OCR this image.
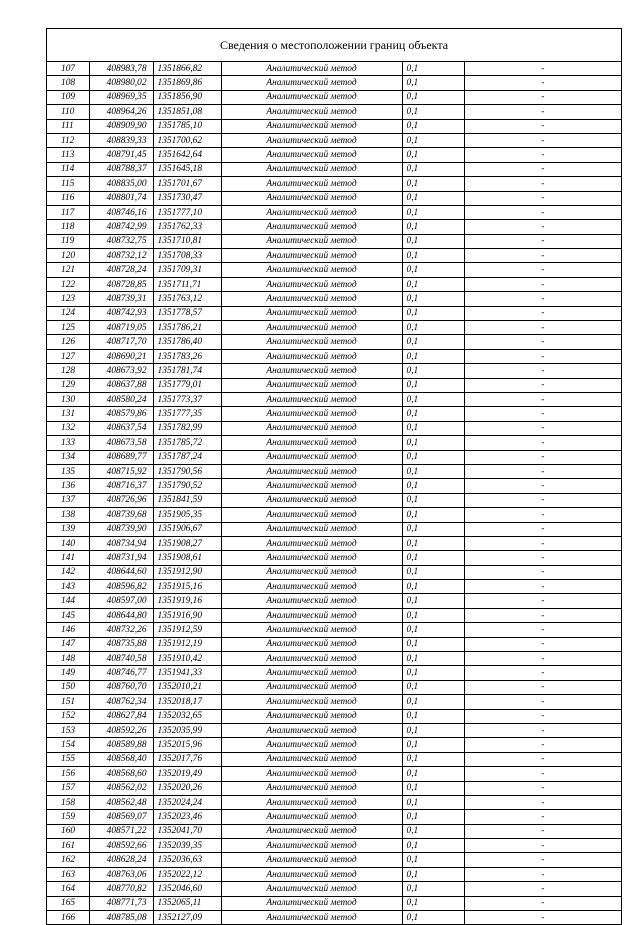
Сведения о местоположении границ объекта
107	408983,78	1351866,82	Аналитический метод	0,1	-
108	408980,02	1351869,86	Аналитический метод	0,1	-
109	408969,35	1351856,90	Аналитический метод	0,1	-
110	408964,26	1351851,08	Аналитический метод	0,1	-
111	408909,90	1351785,10	Аналитический метод	0,1	-
112	408839,33	1351700,62	Аналитический метод	0,1	-
113	408791,45	1351642,64	Аналитический метод	0,1	-
114	408788,37	1351645,18	Аналитический метод	0,1	-
115	408835,00	1351701,67	Аналитический метод	0,1	-
116	408801,74	1351730,47	Аналитический метод	0,1	-
117	408746,16	1351777,10	Аналитический метод	0,1	-
118	408742,99	1351762,33	Аналитический метод	0,1	-
119	408732,75	1351710,81	Аналитический метод	0,1	-
120	408732,12	1351708,33	Аналитический метод	0,1	-
121	408728,24	1351709,31	Аналитический метод	0,1	-
122	408728,85	1351711,71	Аналитический метод	0,1	-
123	408739,31	1351763,12	Аналитический метод	0,1	-
124	408742,93	1351778,57	Аналитический метод	0,1	-
125	408719,05	1351786,21	Аналитический метод	0,1	-
126	408717,70	1351786,40	Аналитический метод	0,1	-
127	408690,21	1351783,26	Аналитический метод	0,1	-
128	408673,92	1351781,74	Аналитический метод	0,1	-
129	408637,88	1351779,01	Аналитический метод	0,1	-
130	408580,24	1351773,37	Аналитический метод	0,1	-
131	408579,86	1351777,35	Аналитический метод	0,1	-
132	408637,54	1351782,99	Аналитический метод	0,1	-
133	408673,58	1351785,72	Аналитический метод	0,1	-
134	408689,77	1351787,24	Аналитический метод	0,1	-
135	408715,92	1351790,56	Аналитический метод	0,1	-
136	408716,37	1351790,52	Аналитический метод	0,1	-
137	408726,96	1351841,59	Аналитический метод	0,1	-
138	408739,68	1351905,35	Аналитический метод	0,1	-
139	408739,90	1351906,67	Аналитический метод	0,1	-
140	408734,94	1351908,27	Аналитический метод	0,1	-
141	408731,94	1351908,61	Аналитический метод	0,1	-
142	408644,60	1351912,90	Аналитический метод	0,1	-
143	408596,82	1351915,16	Аналитический метод	0,1	-
144	408597,00	1351919,16	Аналитический метод	0,1	-
145	408644,80	1351916,90	Аналитический метод	0,1	-
146	408732,26	1351912,59	Аналитический метод	0,1	-
147	408735,88	1351912,19	Аналитический метод	0,1	-
148	408740,58	1351910,42	Аналитический метод	0,1	-
149	408746,77	1351941,33	Аналитический метод	0,1	-
150	408760,70	1352010,21	Аналитический метод	0,1	-
151	408762,34	1352018,17	Аналитический метод	0,1	-
152	408627,84	1352032,65	Аналитический метод	0,1	-
153	408592,26	1352035,99	Аналитический метод	0,1	-
154	408589,88	1352015,96	Аналитический метод	0,1	-
155	408568,40	1352017,76	Аналитический метод	0,1	-
156	408568,60	1352019,49	Аналитический метод	0,1	-
157	408562,02	1352020,26	Аналитический метод	0,1	-
158	408562,48	1352024,24	Аналитический метод	0,1	-
159	408569,07	1352023,46	Аналитический метод	0,1	-
160	408571,22	1352041,70	Аналитический метод	0,1	-
161	408592,66	1352039,35	Аналитический метод	0,1	-
162	408628,24	1352036,63	Аналитический метод	0,1	-
163	408763,06	1352022,12	Аналитический метод	0,1	-
164	408770,82	1352046,60	Аналитический метод	0,1	-
165	408771,73	1352065,11	Аналитический метод	0,1	-
166	408785,08	1352127,09	Аналитический метод	0,1	-
